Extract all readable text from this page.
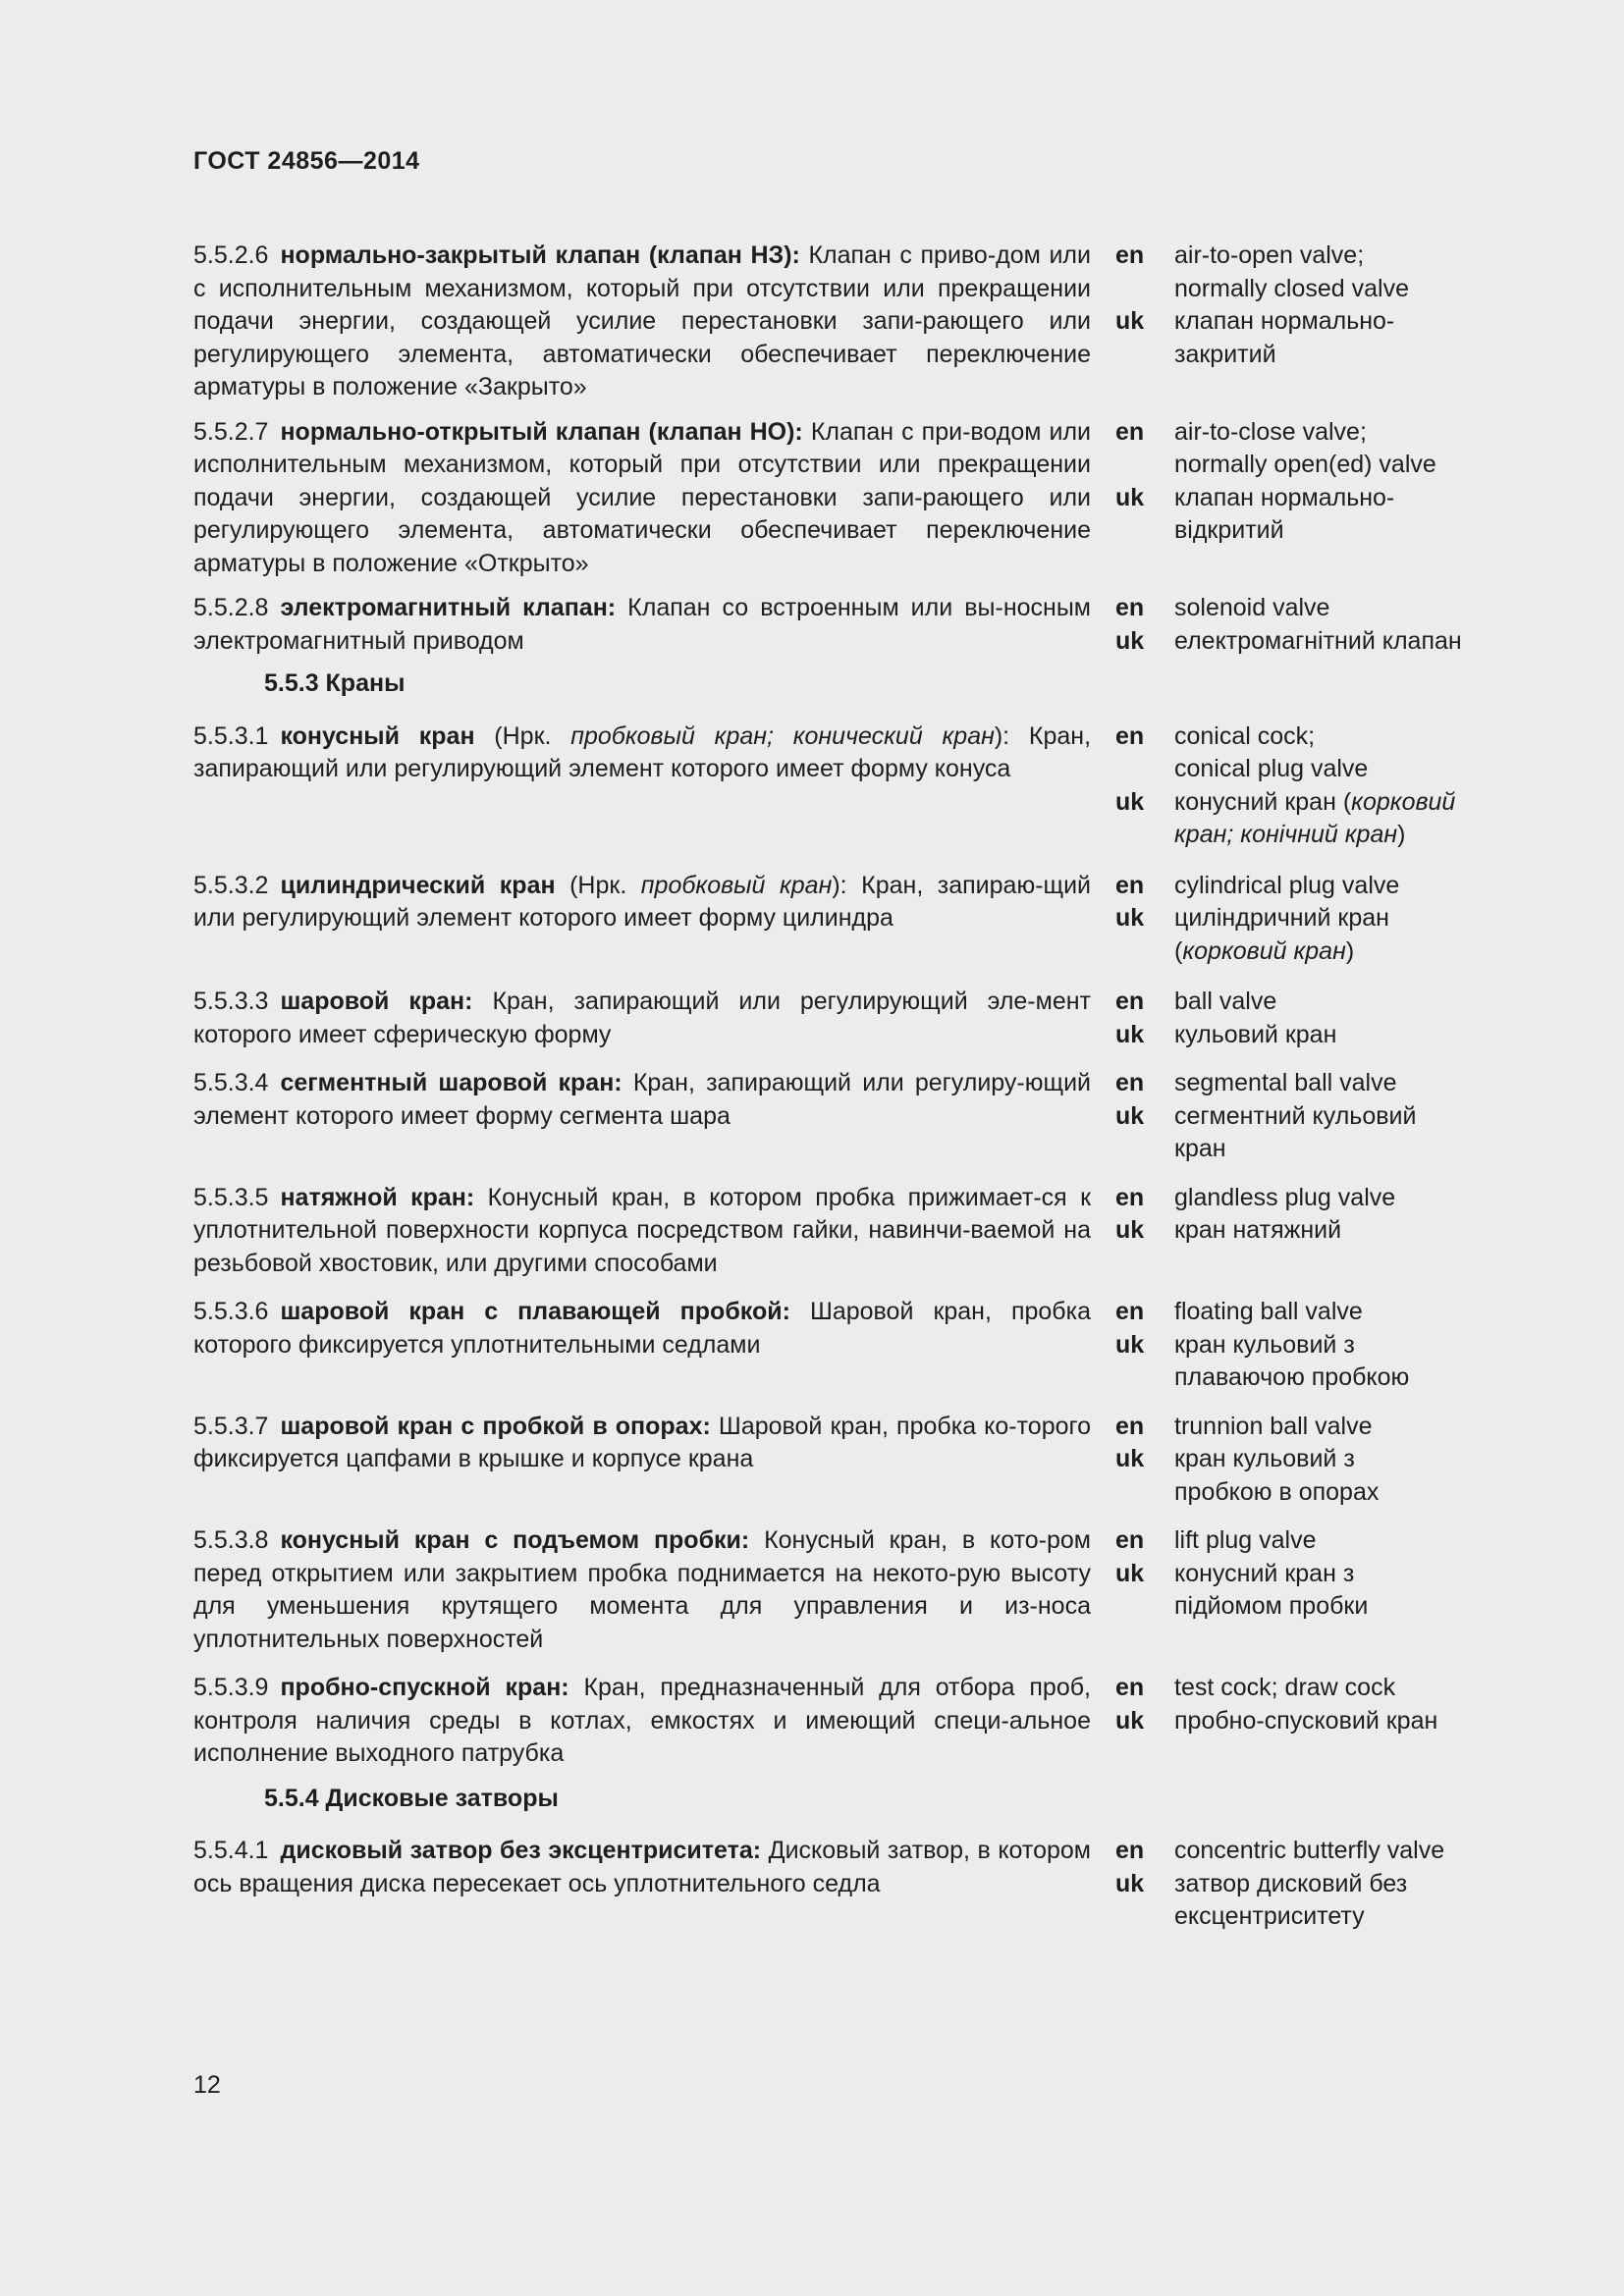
ГОСТ 24856—2014
5.5.2.6 нормально-закрытый клапан (клапан НЗ): Клапан с приво-дом или с исполнительным механизмом, который при отсутствии или прекращении подачи энергии, создающей усилие перестановки запи-рающего или регулирующего элемента, автоматически обеспечивает переключение арматуры в положение «Закрыто»
en
uk
air-to-open valve;
normally closed valve
клапан нормально-
закритий
5.5.2.7 нормально-открытый клапан (клапан НО): Клапан с при-водом или исполнительным механизмом, который при отсутствии или прекращении подачи энергии, создающей усилие перестановки запи-рающего или регулирующего элемента, автоматически обеспечивает переключение арматуры в положение «Открыто»
en
uk
air-to-close valve;
normally open(ed) valve
клапан нормально-
відкритий
5.5.2.8 электромагнитный клапан: Клапан со встроенным или вы-носным электромагнитный приводом
en
uk
solenoid valve
електромагнітний клапан
5.5.3 Краны
5.5.3.1 конусный кран (Нрк. пробковый кран; конический кран): Кран, запирающий или регулирующий элемент которого имеет форму конуса
en
uk
conical cock;
conical plug valve
конусний кран (корковий
кран; конічний кран)
5.5.3.2 цилиндрический кран (Нрк. пробковый кран): Кран, запираю-щий или регулирующий элемент которого имеет форму цилиндра
en
uk
cylindrical plug valve
циліндричний кран
(корковий кран)
5.5.3.3 шаровой кран: Кран, запирающий или регулирующий эле-мент которого имеет сферическую форму
en
uk
ball valve
кульовий кран
5.5.3.4 сегментный шаровой кран: Кран, запирающий или регулиру-ющий элемент которого имеет форму сегмента шара
en
uk
segmental ball valve
сегментний кульовий
кран
5.5.3.5 натяжной кран: Конусный кран, в котором пробка прижимает-ся к уплотнительной поверхности корпуса посредством гайки, навинчи-ваемой на резьбовой хвостовик, или другими способами
en
uk
glandless plug valve
кран натяжний
5.5.3.6 шаровой кран с плавающей пробкой: Шаровой кран, пробка которого фиксируется уплотнительными седлами
en
uk
floating ball valve
кран кульовий з
плаваючою пробкою
5.5.3.7 шаровой кран с пробкой в опорах: Шаровой кран, пробка ко-торого фиксируется цапфами в крышке и корпусе крана
en
uk
trunnion ball valve
кран кульовий з
пробкою в опорах
5.5.3.8 конусный кран с подъемом пробки: Конусный кран, в кото-ром перед открытием или закрытием пробка поднимается на некото-рую высоту для уменьшения крутящего момента для управления и из-носа уплотнительных поверхностей
en
uk
lift plug valve
конусний кран з
підйомом пробки
5.5.3.9 пробно-спускной кран: Кран, предназначенный для отбора проб, контроля наличия среды в котлах, емкостях и имеющий специ-альное исполнение выходного патрубка
en
uk
test cock; draw cock
пробно-спусковий кран
5.5.4 Дисковые затворы
5.5.4.1 дисковый затвор без эксцентриситета: Дисковый затвор, в котором ось вращения диска пересекает ось уплотнительного седла
en
uk
concentric butterfly valve
затвор дисковий без
ексцентриситету
12
